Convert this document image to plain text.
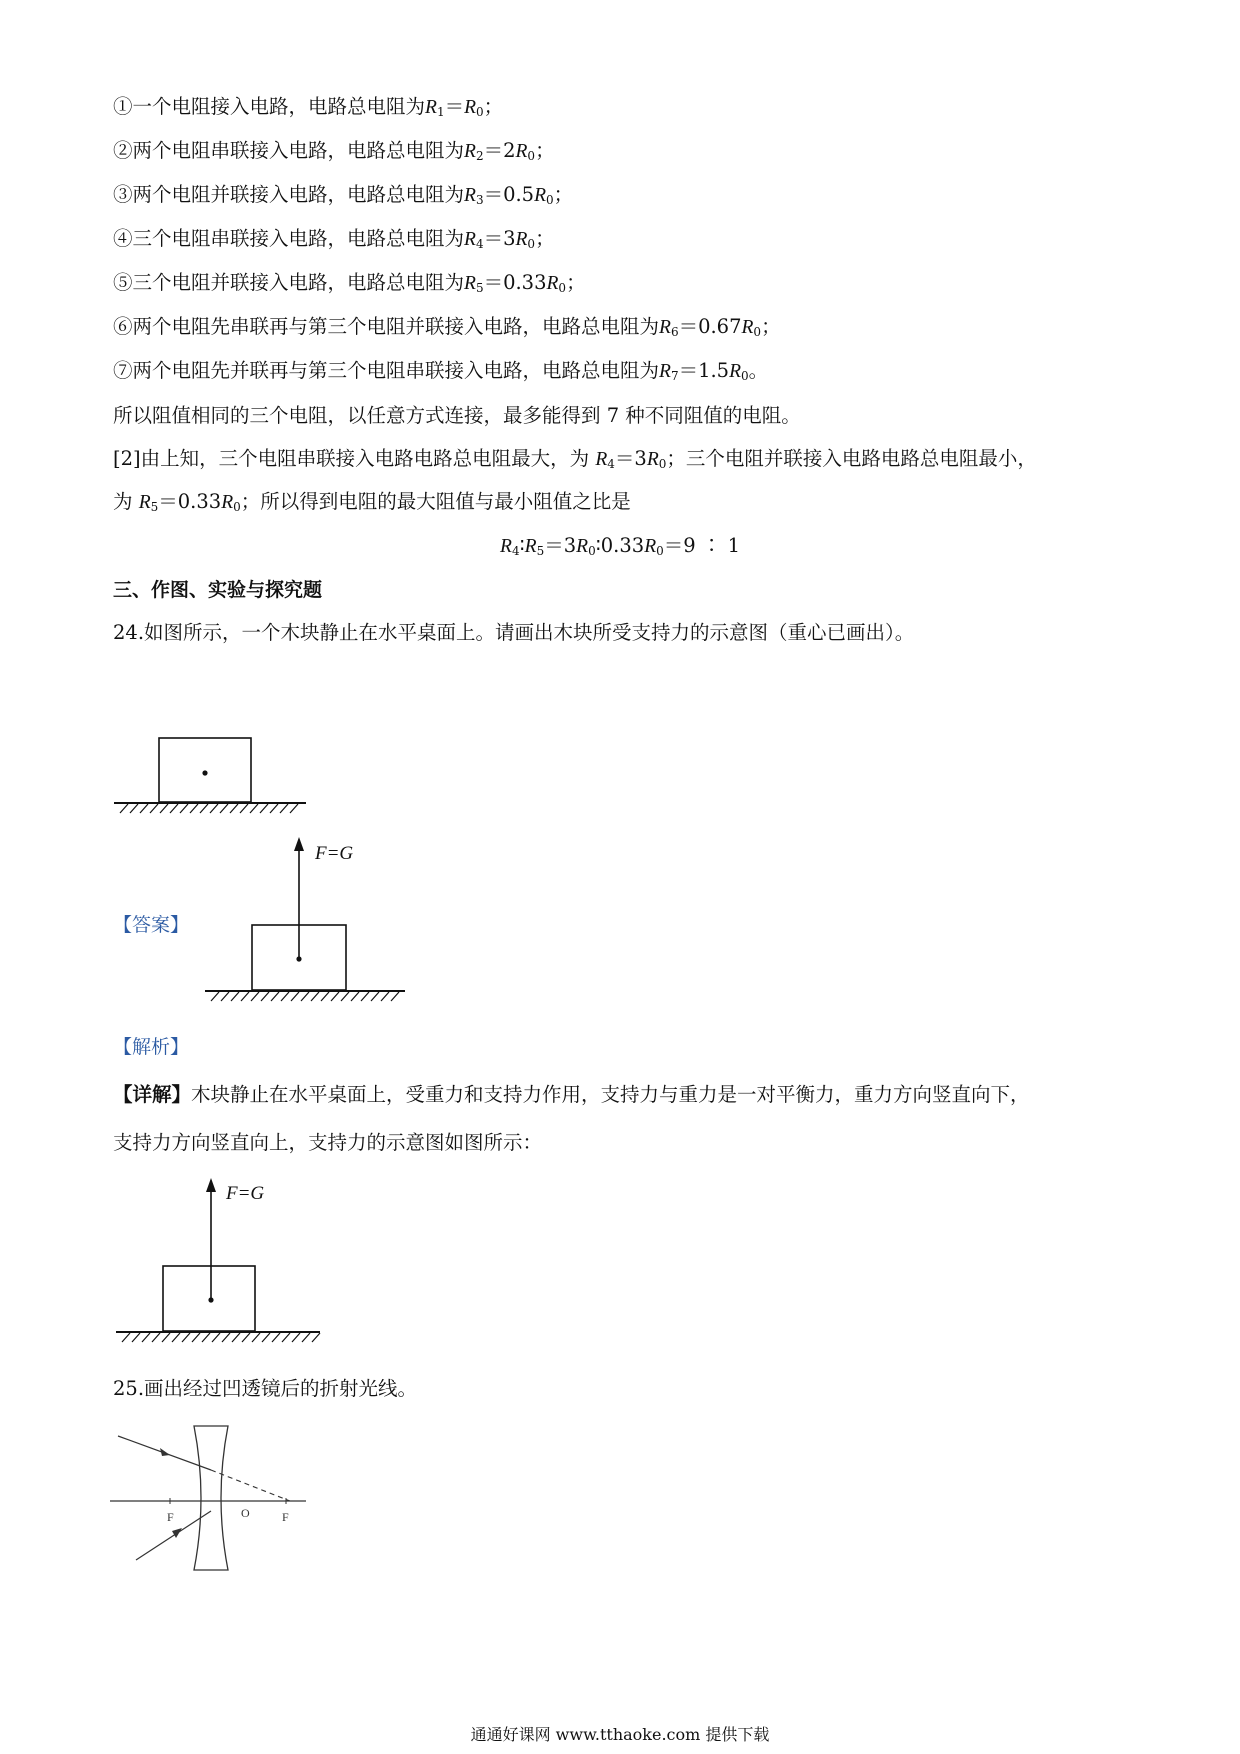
①一个电阻接入电路，电路总电阻为$R_1=R_0$；
②两个电阻串联接入电路，电路总电阻为$R_2=2R_0$；
③两个电阻并联接入电路，电路总电阻为$R_3=0.5R_0$；
④三个电阻串联接入电路，电路总电阻为$R_4=3R_0$；
⑤三个电阻并联接入电路，电路总电阻为$R_5=0.33R_0$；
⑥两个电阻先串联再与第三个电阻并联接入电路，电路总电阻为$R_6=0.67R_0$；
⑦两个电阻先并联再与第三个电阻串联接入电路，电路总电阻为$R_7=1.5R_0$。
所以阻值相同的三个电阻，以任意方式连接，最多能得到 7 种不同阻值的电阻。
[2]由上知，三个电阻串联接入电路电路总电阻最大，为 $R_4=3R_0$；三个电阻并联接入电路电路总电阻最小，
为 $R_5=0.33R_0$；所以得到电阻的最大阻值与最小阻值之比是
$R_4∶R_5=3R_0∶0.33R_0=9$ ∶ 1
三、作图、实验与探究题
24.如图所示，一个木块静止在水平桌面上。请画出木块所受支持力的示意图（重心已画出）。
【答案】
F=G
【解析】
【详解】木块静止在水平桌面上，受重力和支持力作用，支持力与重力是一对平衡力，重力方向竖直向下，
支持力方向竖直向上，支持力的示意图如图所示：
F=G
25.画出经过凹透镜后的折射光线。
F	O	F
通通好课网 www.tthaoke.com 提供下载
